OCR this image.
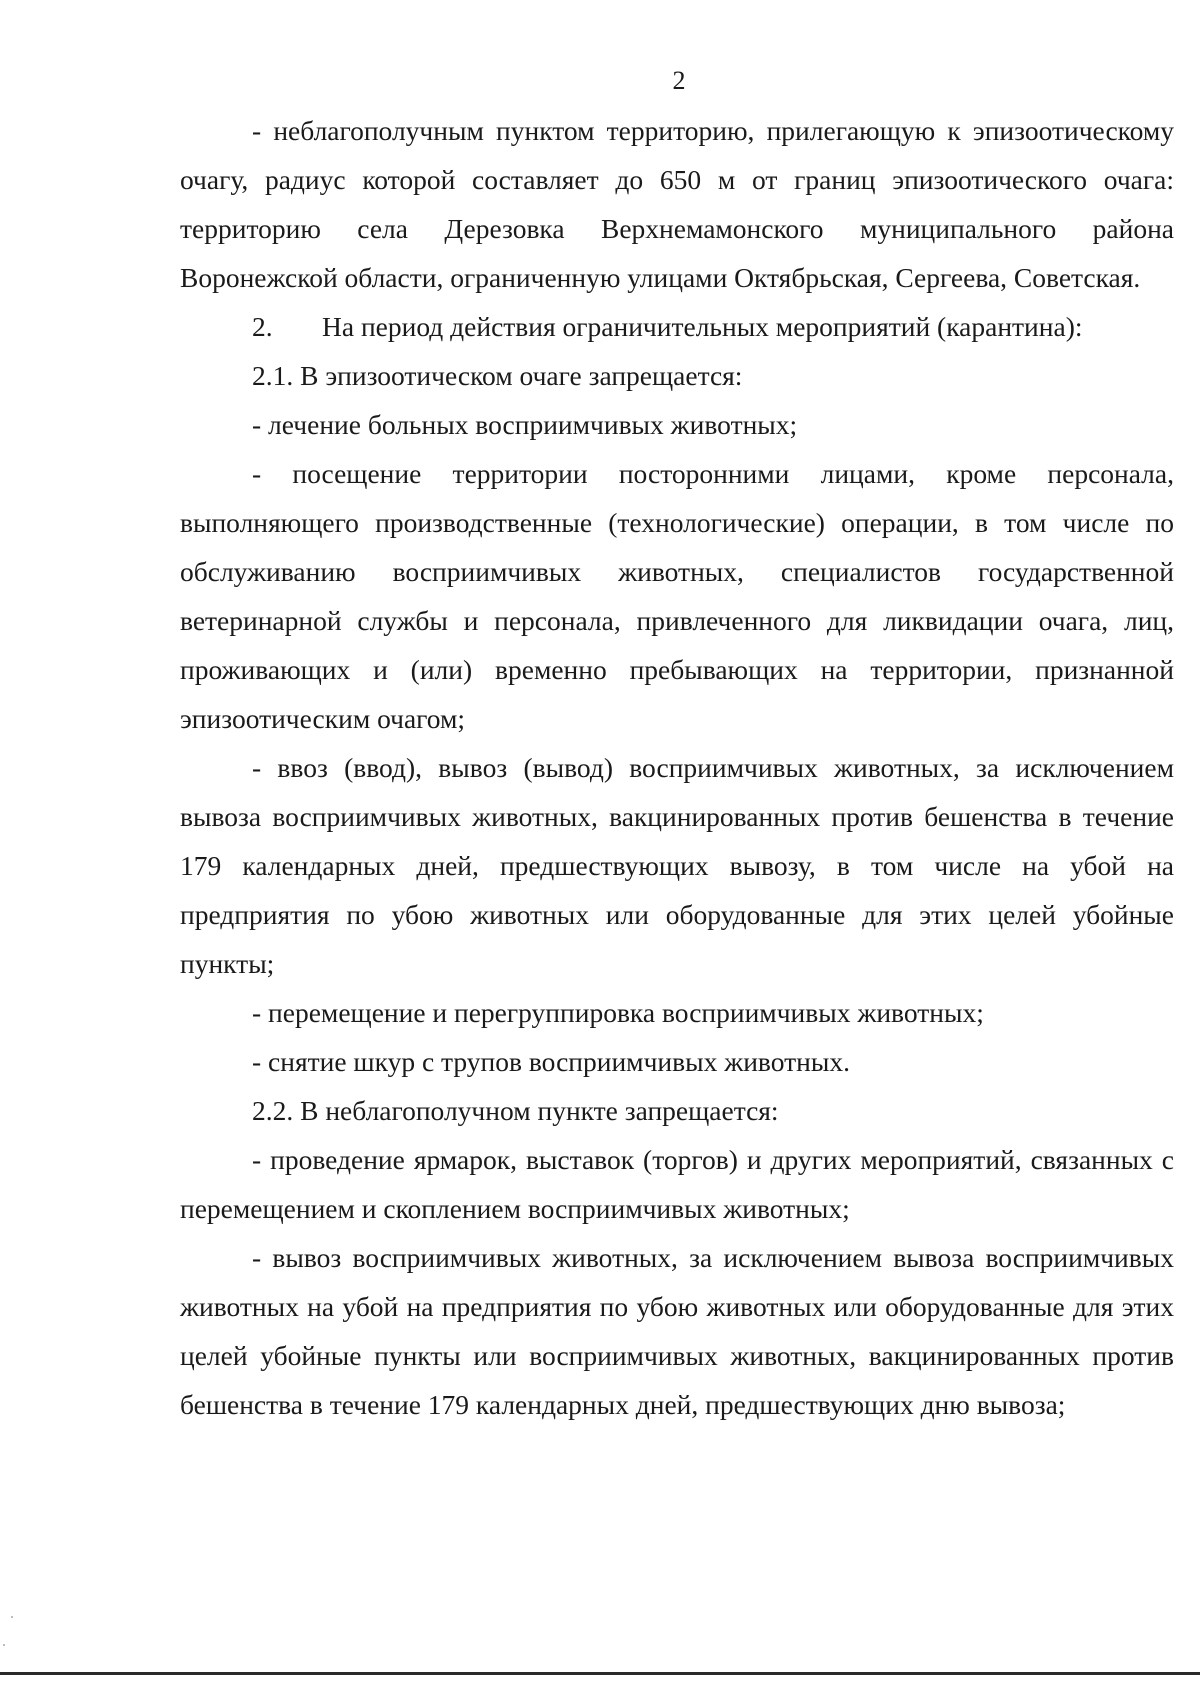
2

- неблагополучным пунктом территорию, прилегающую к эпизоотическому очагу, радиус которой составляет до 650 м от границ эпизоотического очага: территорию села Дерезовка Верхнемамонского муниципального района Воронежской области, ограниченную улицами Октябрьская, Сергеева, Советская.

2. На период действия ограничительных мероприятий (карантина):

2.1. В эпизоотическом очаге запрещается:

- лечение больных восприимчивых животных;

- посещение территории посторонними лицами, кроме персонала, выполняющего производственные (технологические) операции, в том числе по обслуживанию восприимчивых животных, специалистов государственной ветеринарной службы и персонала, привлеченного для ликвидации очага, лиц, проживающих и (или) временно пребывающих на территории, признанной эпизоотическим очагом;

- ввоз (ввод), вывоз (вывод) восприимчивых животных, за исключением вывоза восприимчивых животных, вакцинированных против бешенства в течение 179 календарных дней, предшествующих вывозу, в том числе на убой на предприятия по убою животных или оборудованные для этих целей убойные пункты;

- перемещение и перегруппировка восприимчивых животных;

- снятие шкур с трупов восприимчивых животных.

2.2. В неблагополучном пункте запрещается:

- проведение ярмарок, выставок (торгов) и других мероприятий, связанных с перемещением и скоплением восприимчивых животных;

- вывоз восприимчивых животных, за исключением вывоза восприимчивых животных на убой на предприятия по убою животных или оборудованные для этих целей убойные пункты или восприимчивых животных, вакцинированных против бешенства в течение 179 календарных дней, предшествующих дню вывоза;
